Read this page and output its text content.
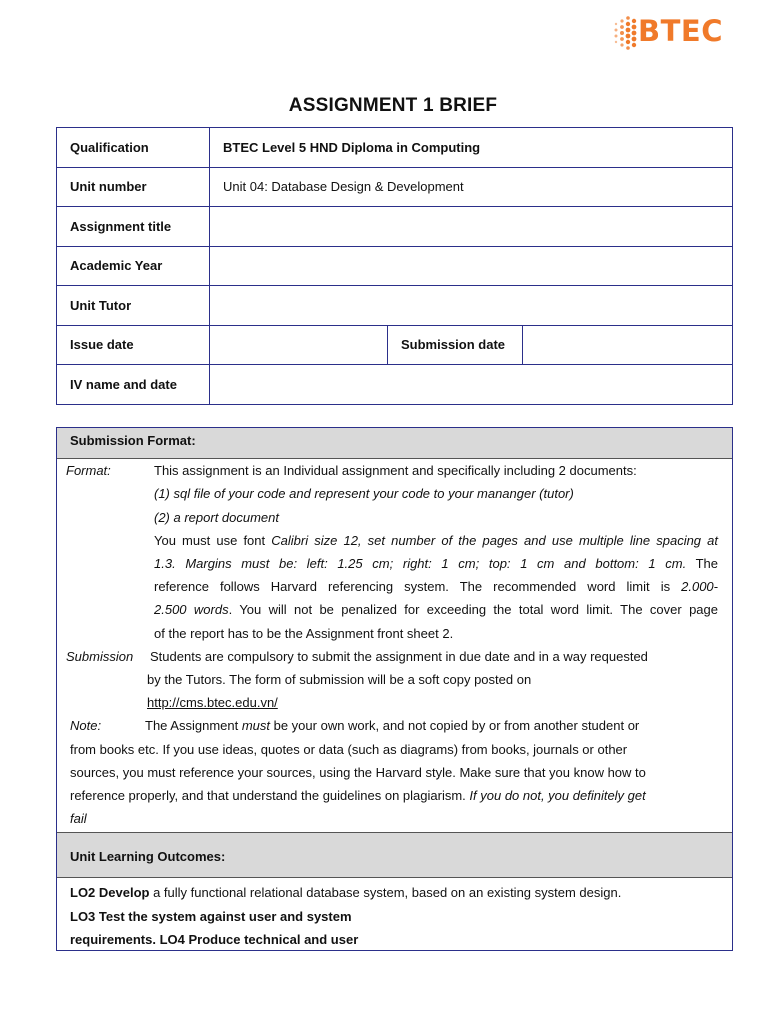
BTEC
ASSIGNMENT 1 BRIEF
Qualification	BTEC Level 5 HND Diploma in Computing		
Unit number	Unit 04: Database Design & Development		
Assignment title			
Academic Year			
Unit Tutor			
Issue date		Submission date	
IV name and date			
Submission Format:
Format:	This assignment is an Individual assignment and specifically including 2 documents:
(1) sql file of your code and represent your code to your mananger (tutor)
(2) a report document
You must use font Calibri size 12, set number of the pages and use multiple line spacing at
1.3. Margins must be: left: 1.25 cm; right: 1 cm; top: 1 cm and bottom: 1 cm. The
reference follows Harvard referencing system. The recommended word limit is 2.000-
2.500 words. You will not be penalized for exceeding the total word limit. The cover page
of the report has to be the Assignment front sheet 2.
Submission Students are compulsory to submit the assignment in due date and in a way requested
by the Tutors. The form of submission will be a soft copy posted on
http://cms.btec.edu.vn/
Note:	The Assignment must be your own work, and not copied by or from another student or
from books etc. If you use ideas, quotes or data (such as diagrams) from books, journals or other
sources, you must reference your sources, using the Harvard style. Make sure that you know how to
reference properly, and that understand the guidelines on plagiarism. If you do not, you definitely get
fail
Unit Learning Outcomes:
LO2 Develop a fully functional relational database system, based on an existing system design.
LO3 Test the system against user and system
requirements. LO4 Produce technical and user
